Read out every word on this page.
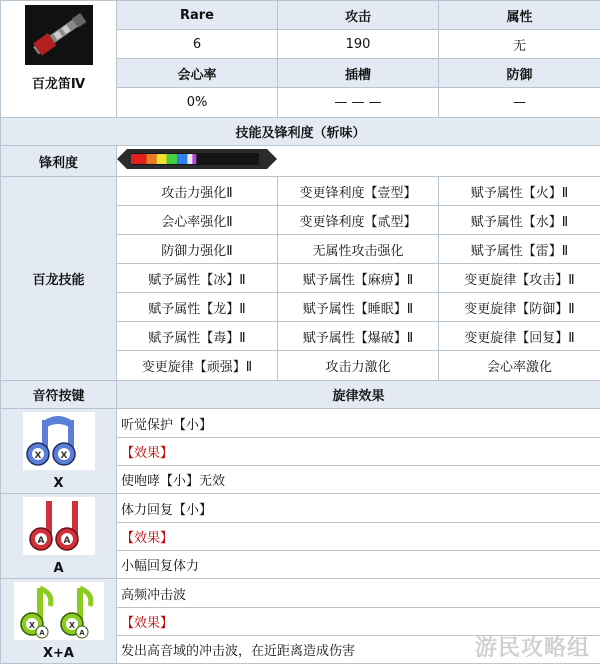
百龙笛Ⅳ	Rare	攻击	属性
	6	190	无
	会心率	插槽	防御
	0%	— — —	—
技能及锋利度（斩味）			
锋利度	
百龙技能	攻击力强化Ⅱ	变更锋利度【壹型】	赋予属性【火】Ⅱ
	会心率强化Ⅱ	变更锋利度【贰型】	赋予属性【水】Ⅱ
	防御力强化Ⅱ	无属性攻击强化	赋予属性【雷】Ⅱ
	赋予属性【冰】Ⅱ	赋予属性【麻痹】Ⅱ	变更旋律【攻击】Ⅱ
	赋予属性【龙】Ⅱ	赋予属性【睡眠】Ⅱ	变更旋律【防御】Ⅱ
	赋予属性【毒】Ⅱ	赋予属性【爆破】Ⅱ	变更旋律【回复】Ⅱ
	变更旋律【顽强】Ⅱ	攻击力激化	会心率激化
音符按键	旋律效果		

X X
X	听觉保护【小】		
	【效果】		
	使咆哮【小】无效		

A A
A	体力回复【小】		
	【效果】		
	小幅回复体力		

X X
A A
X+A	高频冲击波		
	【效果】		
	发出高音域的冲击波，在近距离造成伤害			游民攻略组
